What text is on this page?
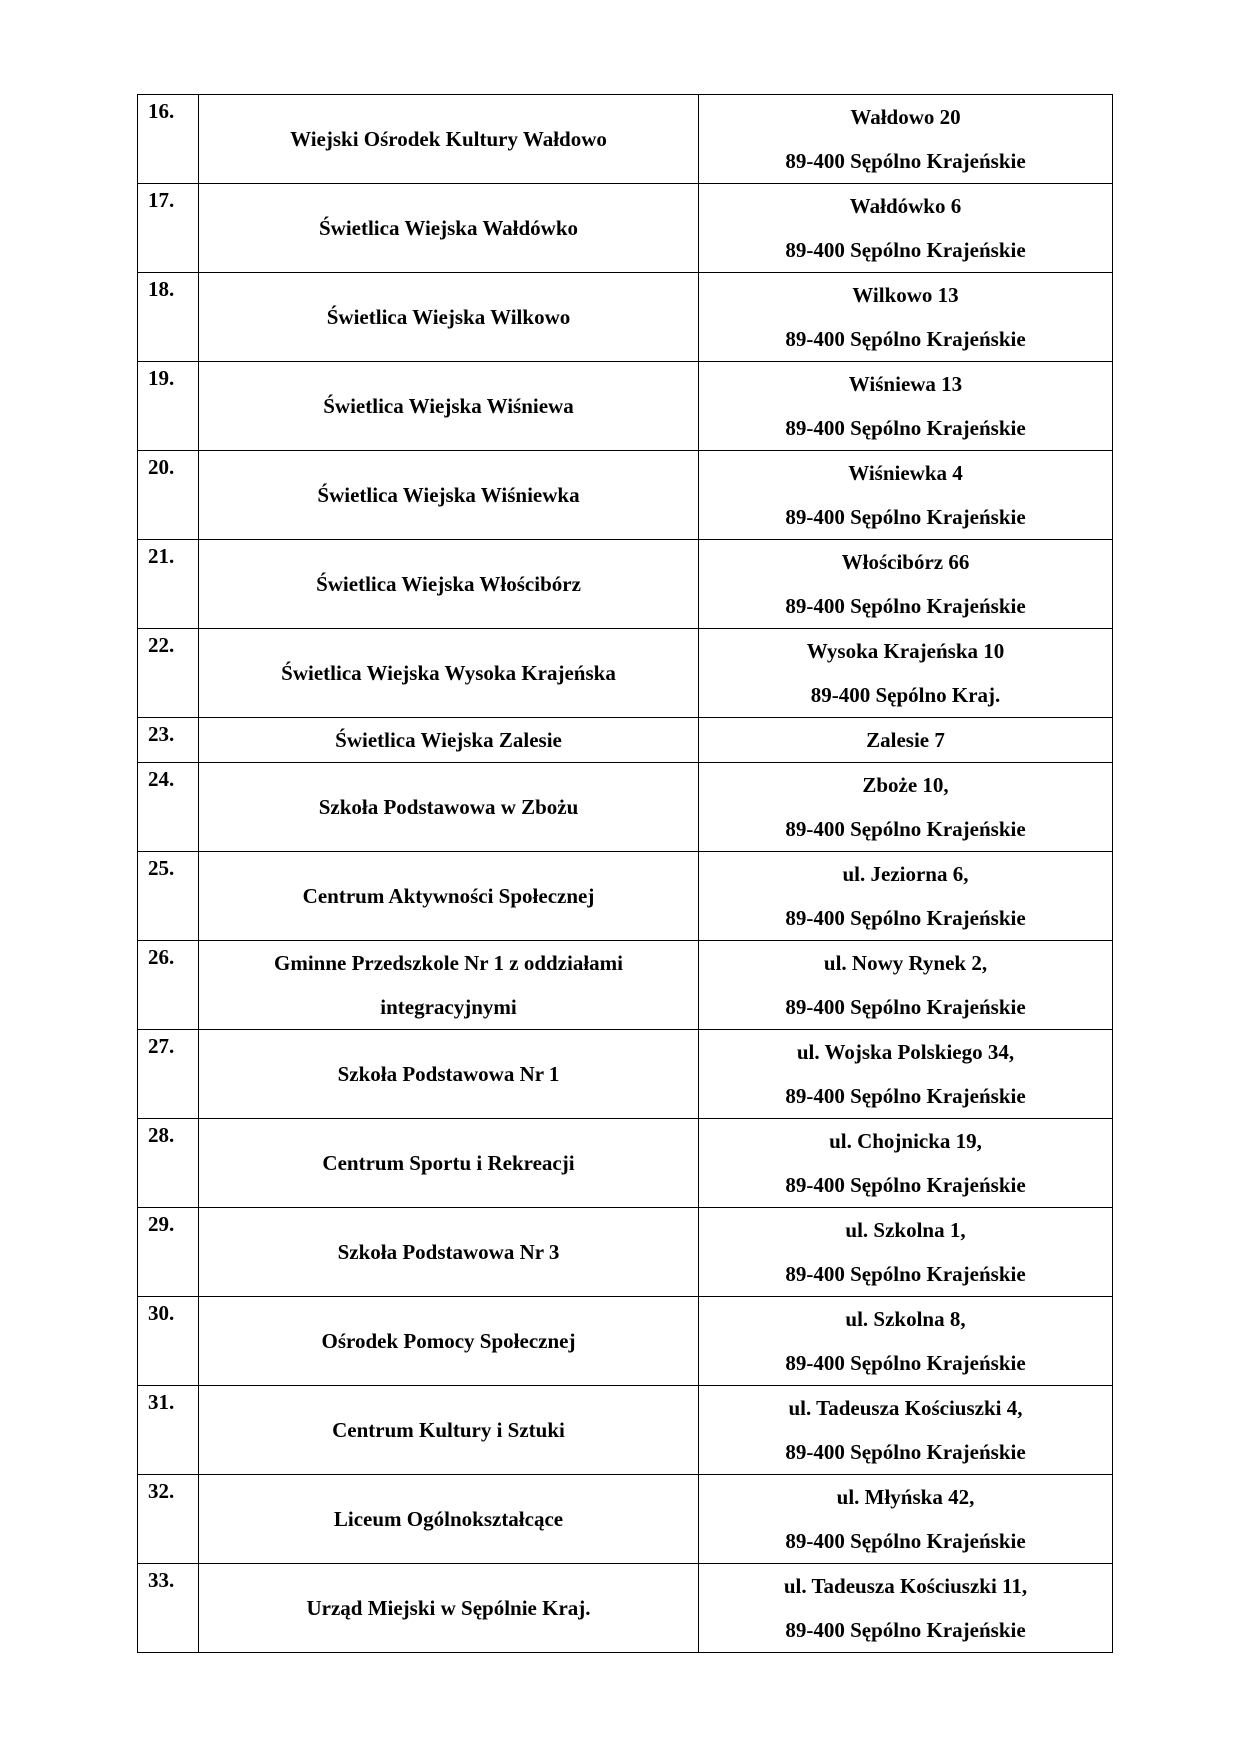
16.	Wiejski Ośrodek Kultury Wałdowo	Wałdowo 20
89-400 Sępólno Krajeńskie

17.	Świetlica Wiejska Wałdówko	Wałdówko 6
89-400 Sępólno Krajeńskie

18.	Świetlica Wiejska Wilkowo	Wilkowo 13
89-400 Sępólno Krajeńskie

19.	Świetlica Wiejska Wiśniewa	Wiśniewa 13
89-400 Sępólno Krajeńskie

20.	Świetlica Wiejska Wiśniewka	Wiśniewka 4
89-400 Sępólno Krajeńskie

21.	Świetlica Wiejska Włościbórz	Włościbórz 66
89-400 Sępólno Krajeńskie

22.	Świetlica Wiejska Wysoka Krajeńska	Wysoka Krajeńska 10
89-400 Sępólno Kraj.

23.	Świetlica Wiejska Zalesie	Zalesie 7

24.	Szkoła Podstawowa w Zbożu	Zboże 10,
89-400 Sępólno Krajeńskie

25.	Centrum Aktywności Społecznej	ul. Jeziorna 6,
89-400 Sępólno Krajeńskie

26.	Gminne Przedszkole Nr 1 z oddziałami
integracyjnymi	ul. Nowy Rynek 2,
89-400 Sępólno Krajeńskie

27.	Szkoła Podstawowa Nr 1	ul. Wojska Polskiego 34,
89-400 Sępólno Krajeńskie

28.	Centrum Sportu i Rekreacji	ul. Chojnicka 19,
89-400 Sępólno Krajeńskie

29.	Szkoła Podstawowa Nr 3	ul. Szkolna 1,
89-400 Sępólno Krajeńskie

30.	Ośrodek Pomocy Społecznej	ul. Szkolna 8,
89-400 Sępólno Krajeńskie

31.	Centrum Kultury i Sztuki	ul. Tadeusza Kościuszki 4,
89-400 Sępólno Krajeńskie

32.	Liceum Ogólnokształcące	ul. Młyńska 42,
89-400 Sępólno Krajeńskie

33.	Urząd Miejski w Sępólnie Kraj.	ul. Tadeusza Kościuszki 11,
89-400 Sępólno Krajeńskie
